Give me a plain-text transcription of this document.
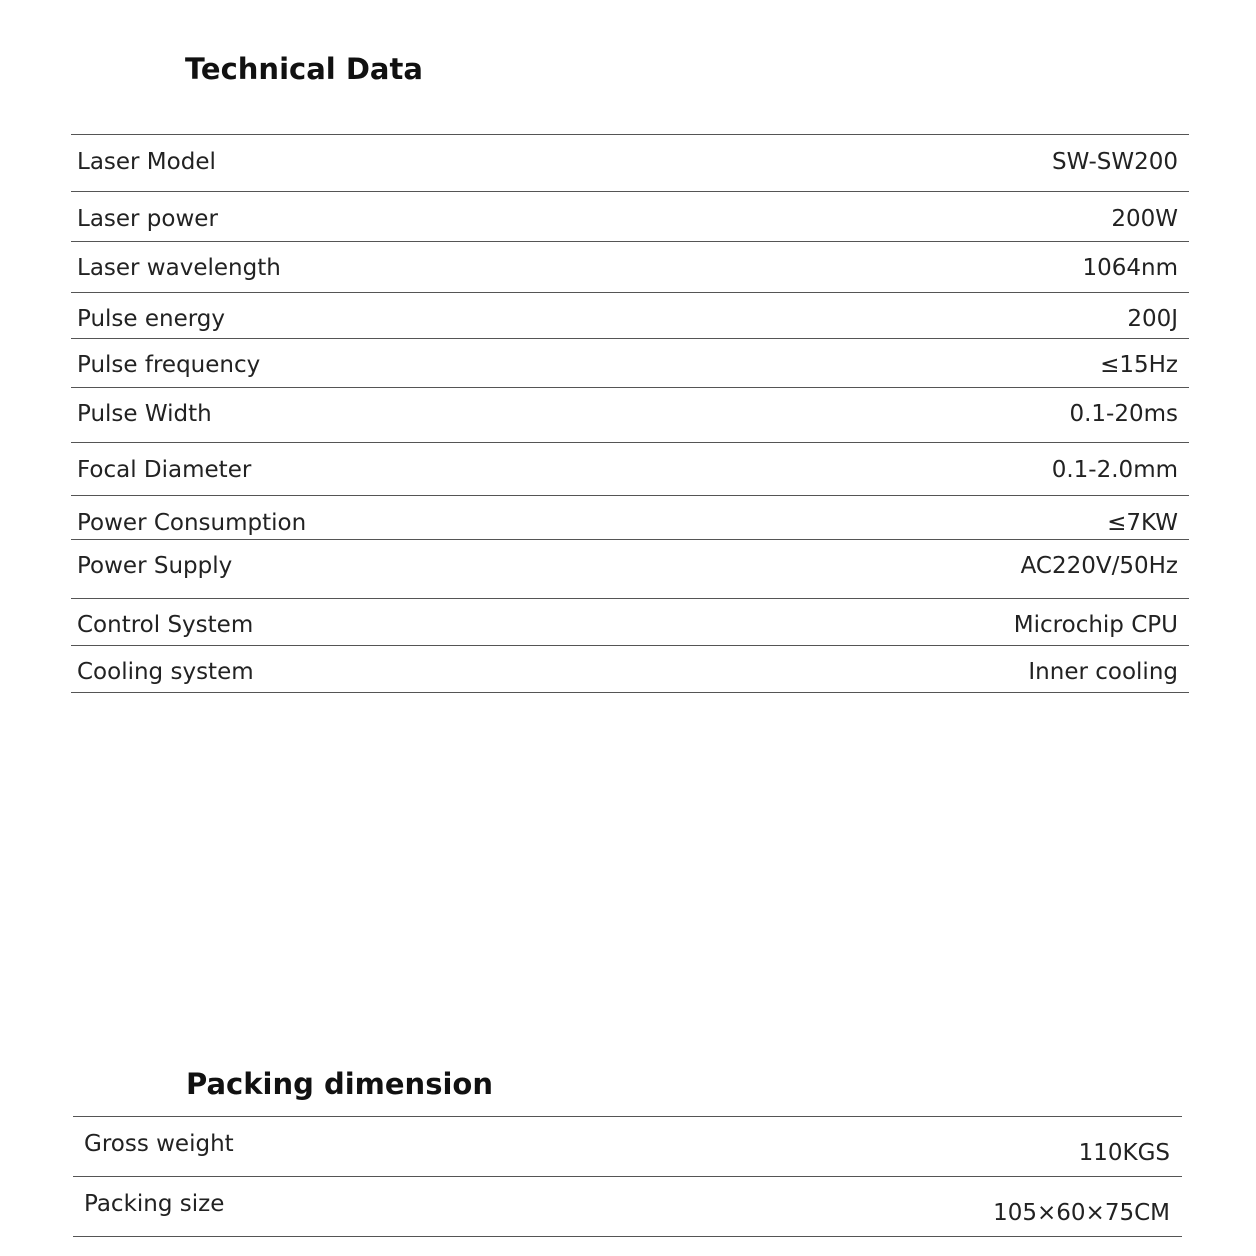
Technical Data
Laser Model	SW-SW200
Laser power	200W
Laser wavelength	1064nm
Pulse energy	200J
Pulse frequency	≤15Hz
Pulse Width	0.1-20ms
Focal Diameter	0.1-2.0mm
Power Consumption	≤7KW
Power Supply	AC220V/50Hz
Control System	Microchip CPU
Cooling system	Inner cooling
Packing dimension
Gross weight	110KGS
Packing size	105×60×75CM
